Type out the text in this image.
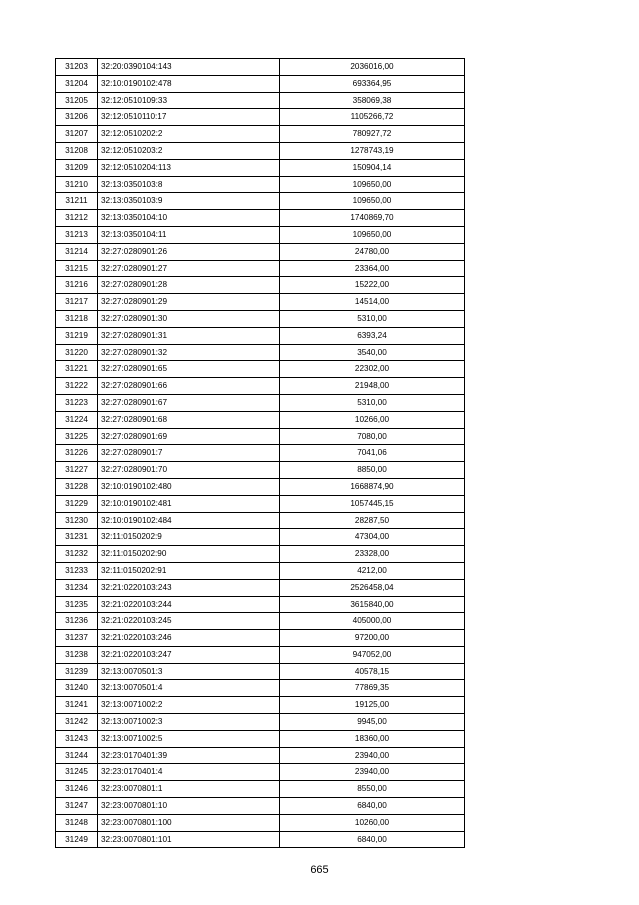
31203	32:20:0390104:143	2036016,00
31204	32:10:0190102:478	693364,95
31205	32:12:0510109:33	358069,38
31206	32:12:0510110:17	1105266,72
31207	32:12:0510202:2	780927,72
31208	32:12:0510203:2	1278743,19
31209	32:12:0510204:113	150904,14
31210	32:13:0350103:8	109650,00
31211	32:13:0350103:9	109650,00
31212	32:13:0350104:10	1740869,70
31213	32:13:0350104:11	109650,00
31214	32:27:0280901:26	24780,00
31215	32:27:0280901:27	23364,00
31216	32:27:0280901:28	15222,00
31217	32:27:0280901:29	14514,00
31218	32:27:0280901:30	5310,00
31219	32:27:0280901:31	6393,24
31220	32:27:0280901:32	3540,00
31221	32:27:0280901:65	22302,00
31222	32:27:0280901:66	21948,00
31223	32:27:0280901:67	5310,00
31224	32:27:0280901:68	10266,00
31225	32:27:0280901:69	7080,00
31226	32:27:0280901:7	7041,06
31227	32:27:0280901:70	8850,00
31228	32:10:0190102:480	1668874,90
31229	32:10:0190102:481	1057445,15
31230	32:10:0190102:484	28287,50
31231	32:11:0150202:9	47304,00
31232	32:11:0150202:90	23328,00
31233	32:11:0150202:91	4212,00
31234	32:21:0220103:243	2526458,04
31235	32:21:0220103:244	3615840,00
31236	32:21:0220103:245	405000,00
31237	32:21:0220103:246	97200,00
31238	32:21:0220103:247	947052,00
31239	32:13:0070501:3	40578,15
31240	32:13:0070501:4	77869,35
31241	32:13:0071002:2	19125,00
31242	32:13:0071002:3	9945,00
31243	32:13:0071002:5	18360,00
31244	32:23:0170401:39	23940,00
31245	32:23:0170401:4	23940,00
31246	32:23:0070801:1	8550,00
31247	32:23:0070801:10	6840,00
31248	32:23:0070801:100	10260,00
31249	32:23:0070801:101	6840,00
665
